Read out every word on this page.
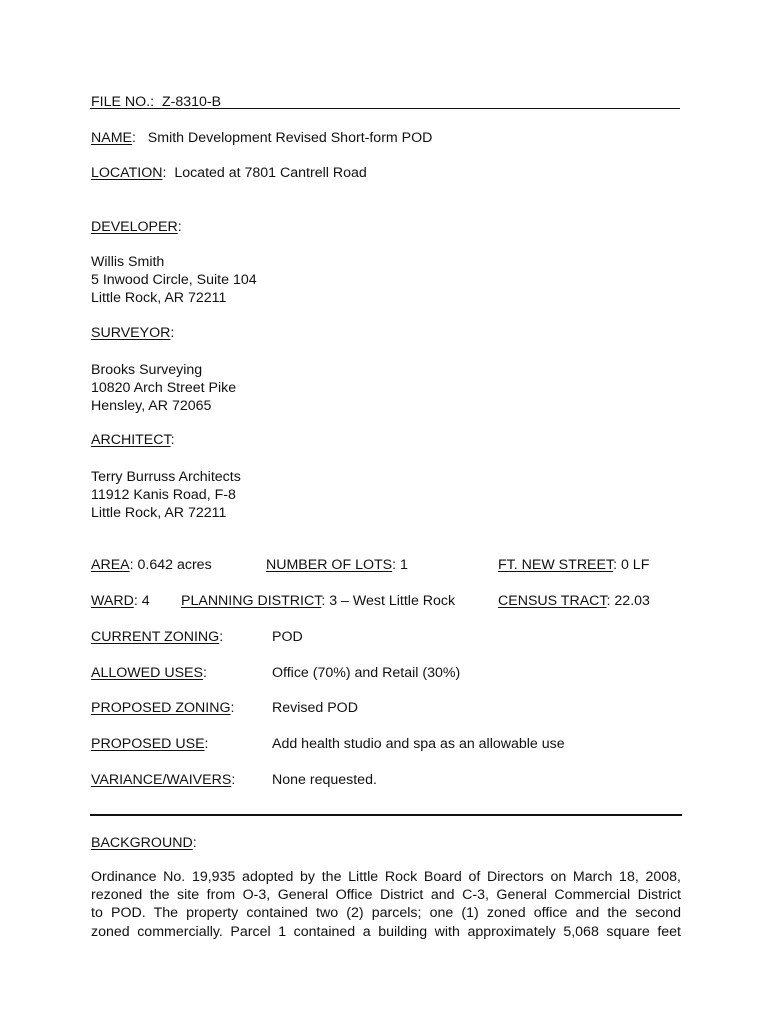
FILE NO.: Z-8310-B
NAME:   Smith Development Revised Short-form POD
LOCATION:  Located at 7801 Cantrell Road
DEVELOPER:
Willis Smith
5 Inwood Circle, Suite 104
Little Rock, AR 72211
SURVEYOR:
Brooks Surveying
10820 Arch Street Pike
Hensley, AR 72065
ARCHITECT:
Terry Burruss Architects
11912 Kanis Road, F-8
Little Rock, AR 72211
AREA: 0.642 acres	NUMBER OF LOTS: 1	FT. NEW STREET: 0 LF
WARD: 4 PLANNING DISTRICT: 3 – West Little Rock	CENSUS TRACT: 22.03
CURRENT ZONING:	POD
ALLOWED USES:	Office (70%) and Retail (30%)
PROPOSED ZONING:	Revised POD
PROPOSED USE:	Add health studio and spa as an allowable use
VARIANCE/WAIVERS:	None requested.
BACKGROUND:
Ordinance No. 19,935 adopted by the Little Rock Board of Directors on March 18, 2008,
rezoned the site from O-3, General Office District and C-3, General Commercial District
to POD. The property contained two (2) parcels; one (1) zoned office and the second
zoned commercially. Parcel 1 contained a building with approximately 5,068 square feet
